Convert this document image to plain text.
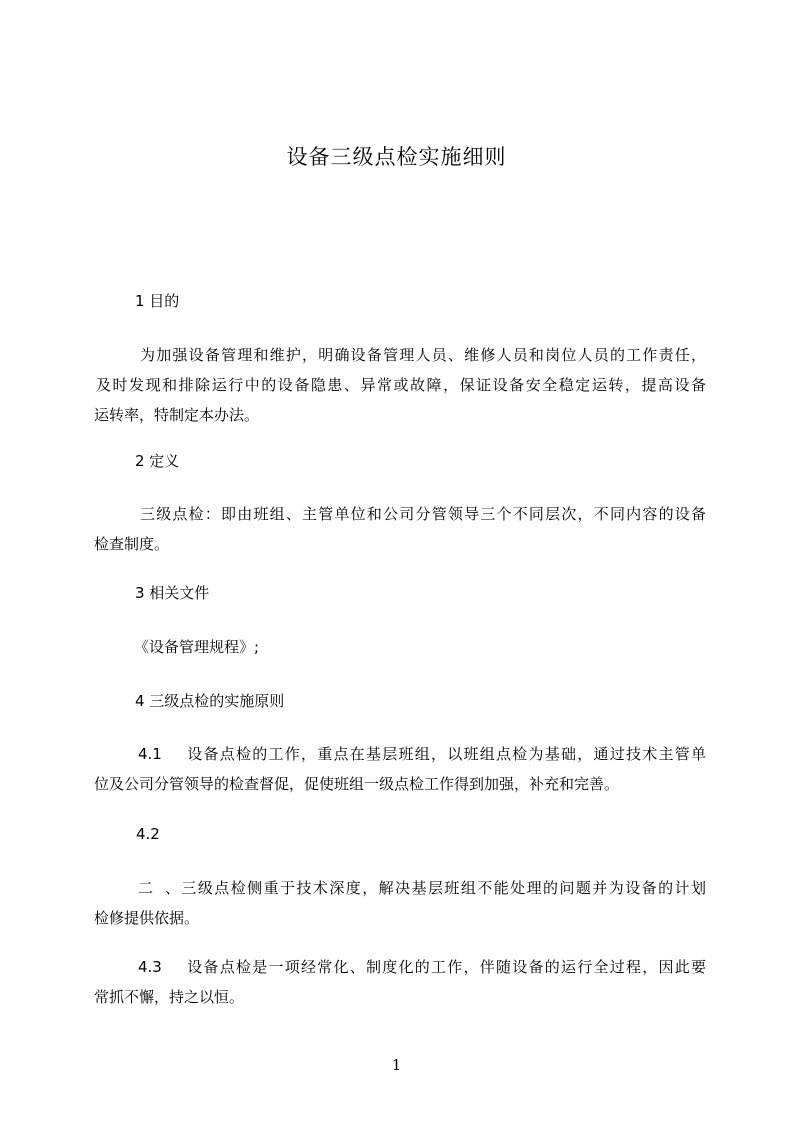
设备三级点检实施细则
1 目的
为加强设备管理和维护，明确设备管理人员、维修人员和岗位人员的工作责任，
及时发现和排除运行中的设备隐患、异常或故障，保证设备安全稳定运转，提高设备
运转率，特制定本办法。
2 定义
三级点检：即由班组、主管单位和公司分管领导三个不同层次，不同内容的设备
检查制度。
3 相关文件
《设备管理规程》;
4 三级点检的实施原则
4.1 设备点检的工作，重点在基层班组，以班组点检为基础，通过技术主管单
位及公司分管领导的检查督促，促使班组一级点检工作得到加强，补充和完善。
4.2
二、三级点检侧重于技术深度，解决基层班组不能处理的问题并为设备的计划
检修提供依据。
4.3 设备点检是一项经常化、制度化的工作，伴随设备的运行全过程，因此要
常抓不懈，持之以恒。
1
